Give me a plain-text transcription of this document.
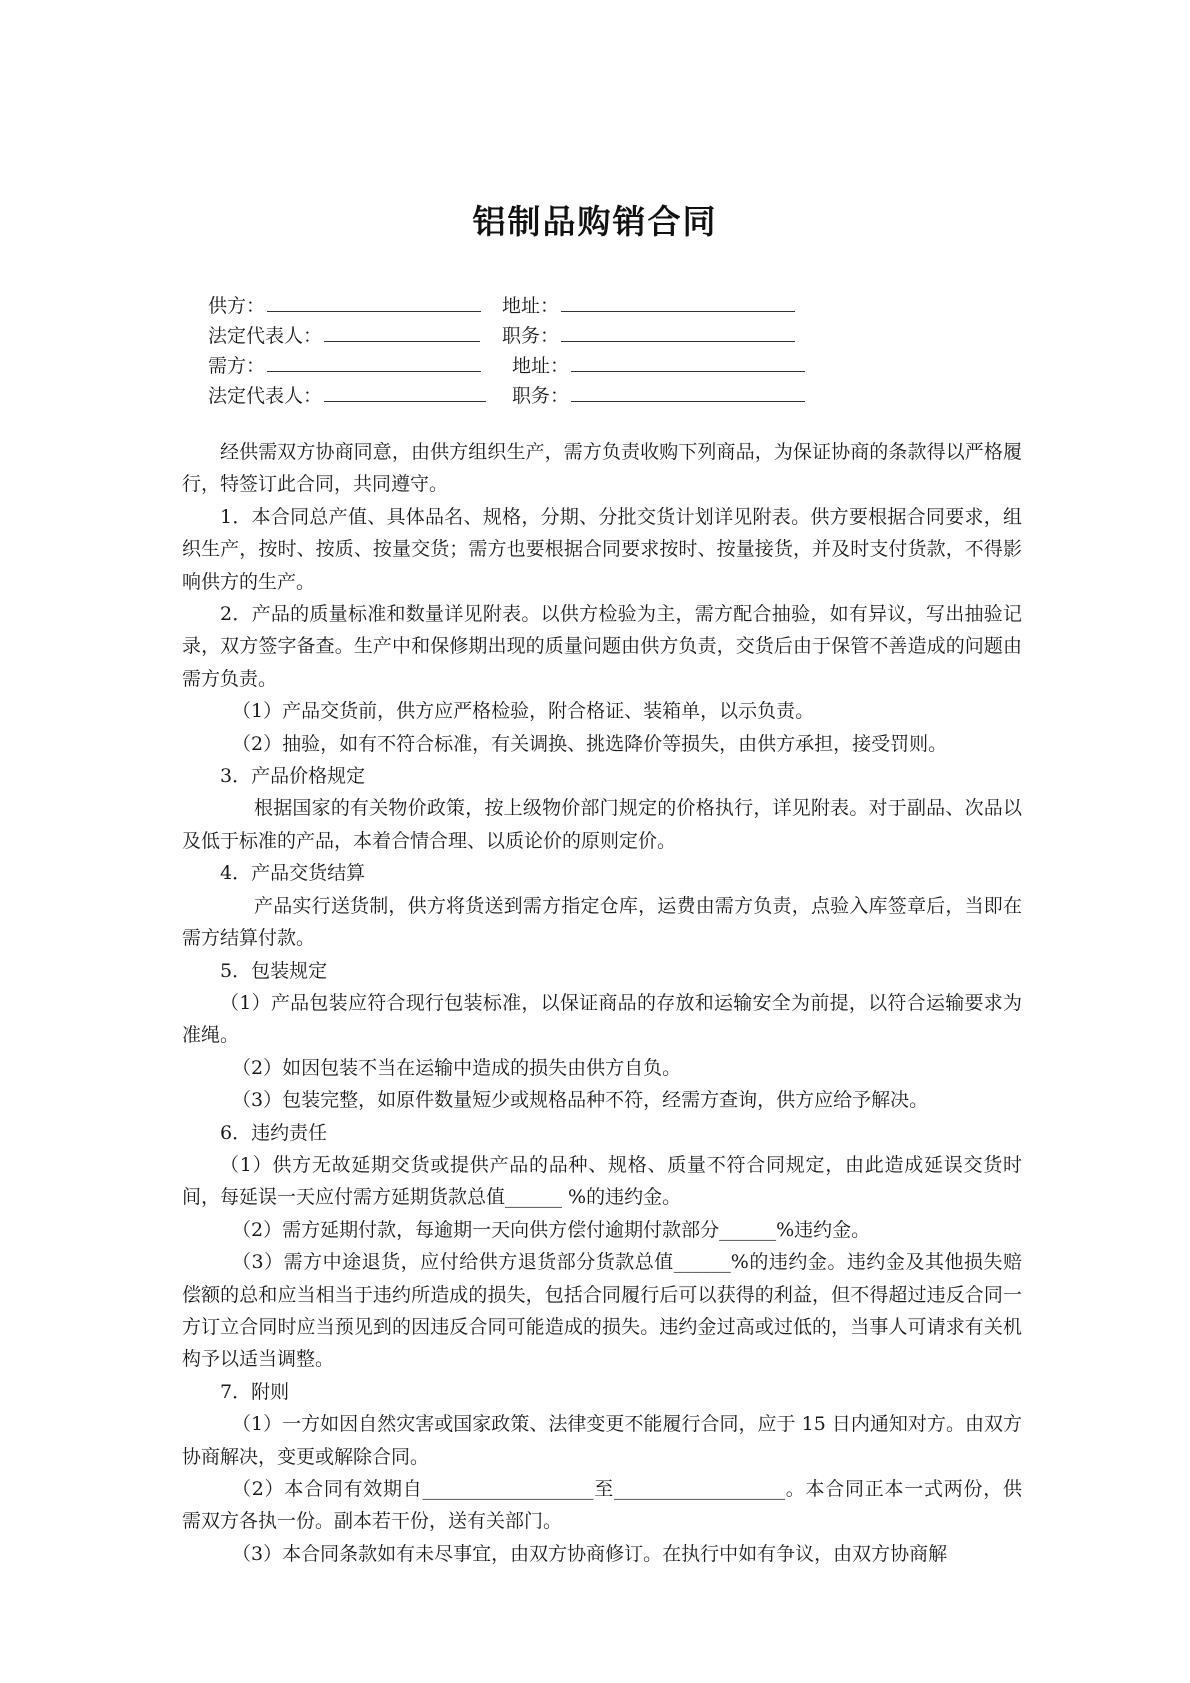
铝制品购销合同
供方：	地址：
法定代表人：	职务：
需方：	地址：
法定代表人：	职务：

经供需双方协商同意，由供方组织生产，需方负责收购下列商品，为保证协商的条款得以严格履行，特签订此合同，共同遵守。

1．本合同总产值、具体品名、规格，分期、分批交货计划详见附表。供方要根据合同要求，组织生产，按时、按质、按量交货；需方也要根据合同要求按时、按量接货，并及时支付货款，不得影响供方的生产。

2．产品的质量标准和数量详见附表。以供方检验为主，需方配合抽验，如有异议，写出抽验记录，双方签字备查。生产中和保修期出现的质量问题由供方负责，交货后由于保管不善造成的问题由需方负责。

（1）产品交货前，供方应严格检验，附合格证、装箱单，以示负责。

（2）抽验，如有不符合标准，有关调换、挑选降价等损失，由供方承担，接受罚则。

3．产品价格规定

根据国家的有关物价政策，按上级物价部门规定的价格执行，详见附表。对于副品、次品以及低于标准的产品，本着合情合理、以质论价的原则定价。

4．产品交货结算

产品实行送货制，供方将货送到需方指定仓库，运费由需方负责，点验入库签章后，当即在需方结算付款。

5．包装规定

（1）产品包装应符合现行包装标准，以保证商品的存放和运输安全为前提，以符合运输要求为准绳。

（2）如因包装不当在运输中造成的损失由供方自负。

（3）包装完整，如原件数量短少或规格品种不符，经需方查询，供方应给予解决。

6．违约责任

（1）供方无故延期交货或提供产品的品种、规格、质量不符合同规定，由此造成延误交货时间，每延误一天应付需方延期货款总值______ %的违约金。

（2）需方延期付款，每逾期一天向供方偿付逾期付款部分______%违约金。

（3）需方中途退货，应付给供方退货部分货款总值______%的违约金。违约金及其他损失赔偿额的总和应当相当于违约所造成的损失，包括合同履行后可以获得的利益，但不得超过违反合同一方订立合同时应当预见到的因违反合同可能造成的损失。违约金过高或过低的，当事人可请求有关机构予以适当调整。

7．附则

（1）一方如因自然灾害或国家政策、法律变更不能履行合同，应于 15 日内通知对方。由双方协商解决，变更或解除合同。

（2）本合同有效期自__________________至__________________。本合同正本一式两份，供需双方各执一份。副本若干份，送有关部门。

（3）本合同条款如有未尽事宜，由双方协商修订。在执行中如有争议，由双方协商解
